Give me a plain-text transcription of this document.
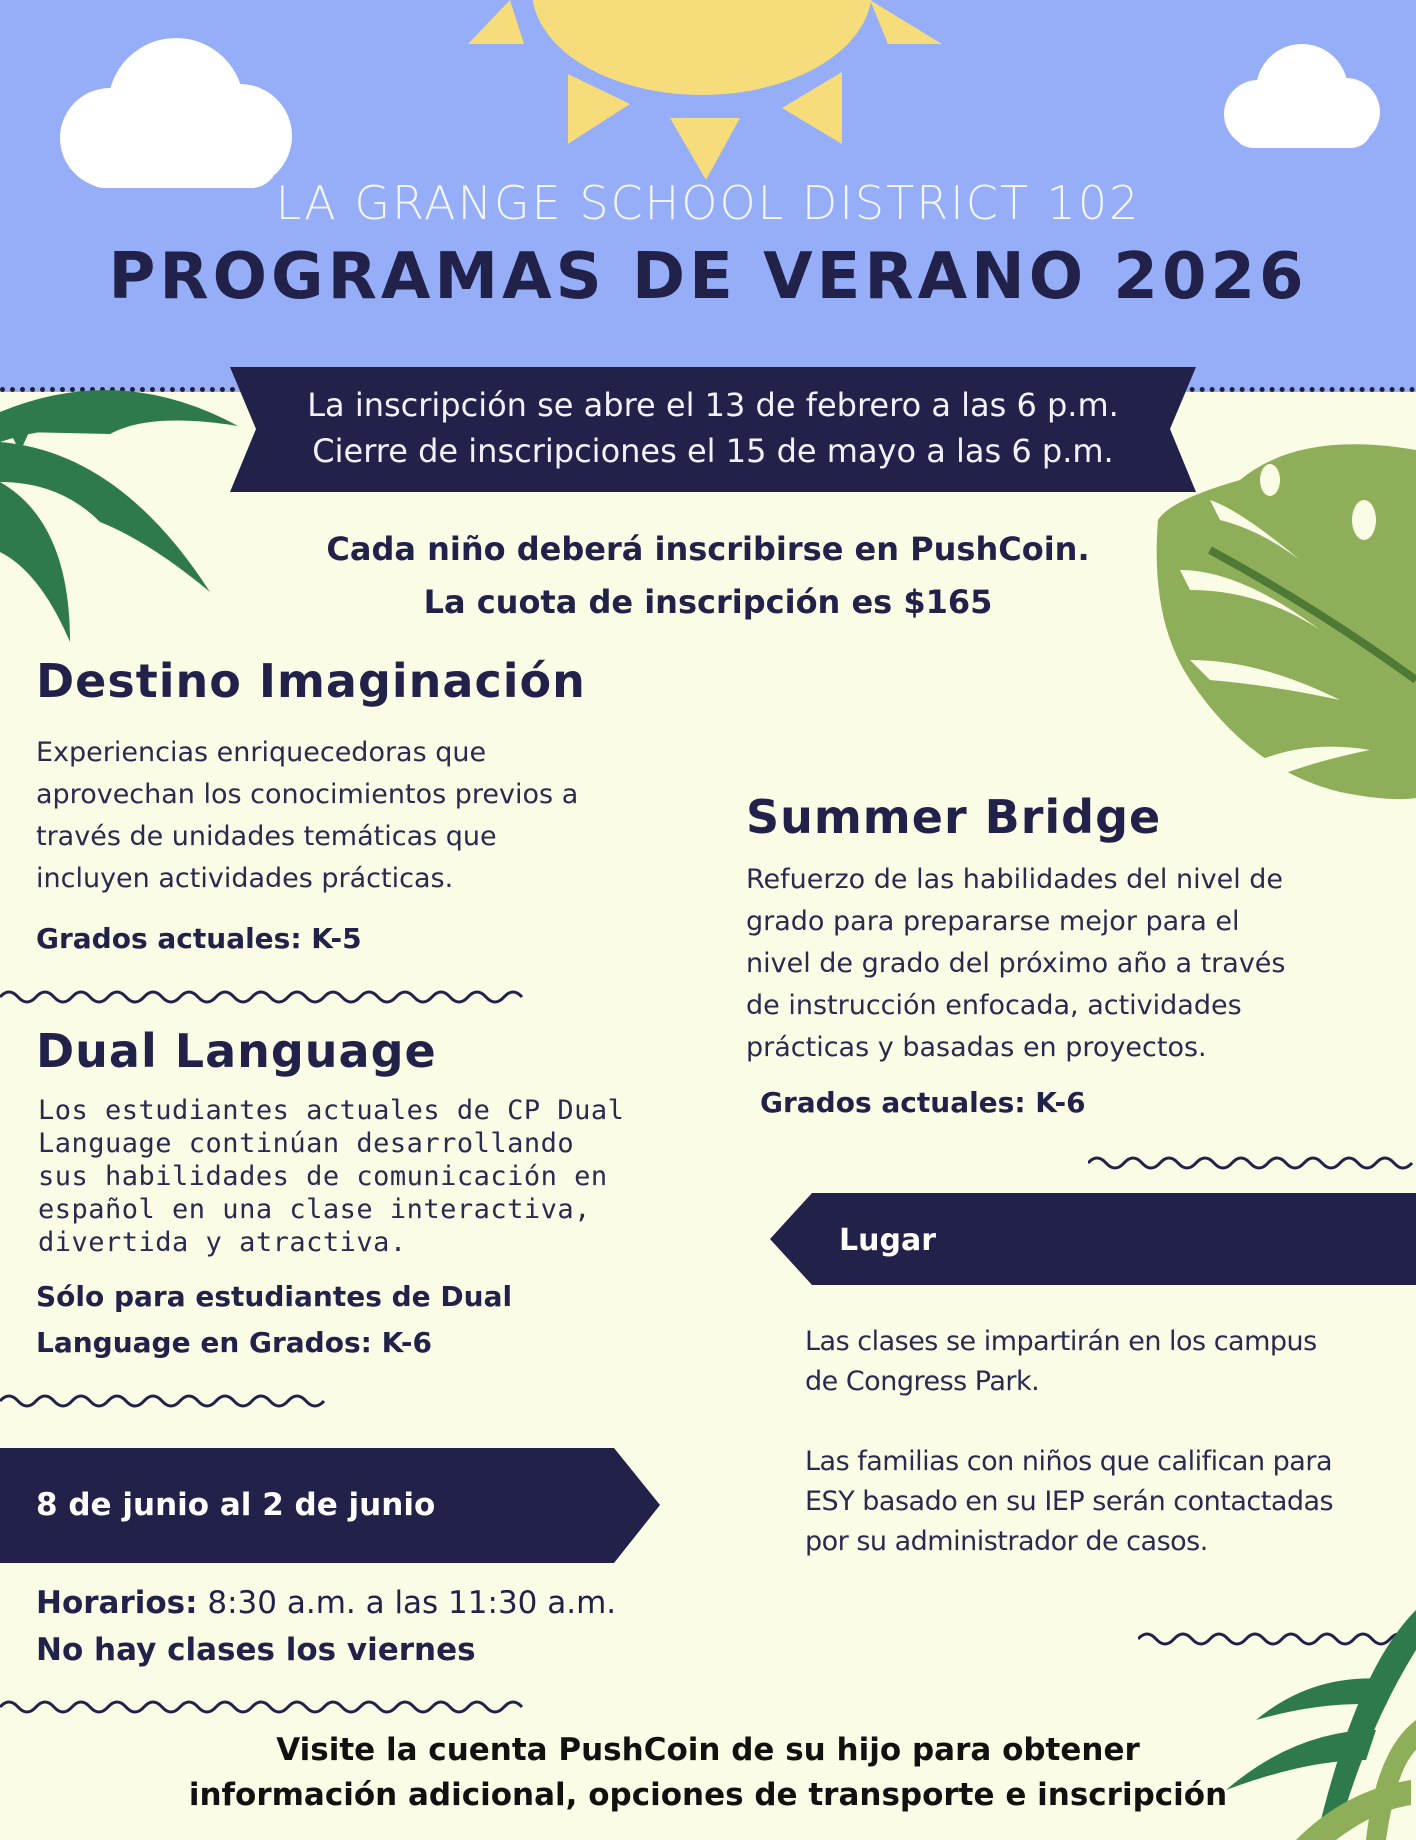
LA GRANGE SCHOOL DISTRICT 102
PROGRAMAS DE VERANO 2026
La inscripción se abre el 13 de febrero a las 6 p.m.
Cierre de inscripciones el 15 de mayo a las 6 p.m.
Cada niño deberá inscribirse en PushCoin.
La cuota de inscripción es $165
Destino Imaginación
Experiencias enriquecedoras que
aprovechan los conocimientos previos a
través de unidades temáticas que
incluyen actividades prácticas.
Grados actuales: K-5
Summer Bridge
Refuerzo de las habilidades del nivel de
grado para prepararse mejor para el
nivel de grado del próximo año a través
de instrucción enfocada, actividades
prácticas y basadas en proyectos.
Grados actuales: K-6
Dual Language
Los estudiantes actuales de CP Dual
Language continúan desarrollando
sus habilidades de comunicación en
español en una clase interactiva,
divertida y atractiva.
Sólo para estudiantes de Dual
Language en Grados: K-6
8 de junio al 2 de junio
Horarios: 8:30 a.m. a las 11:30 a.m.
No hay clases los viernes
Lugar
Las clases se impartirán en los campus
de Congress Park.
Las familias con niños que califican para
ESY basado en su IEP serán contactadas
por su administrador de casos.
Visite la cuenta PushCoin de su hijo para obtener
información adicional, opciones de transporte e inscripción
